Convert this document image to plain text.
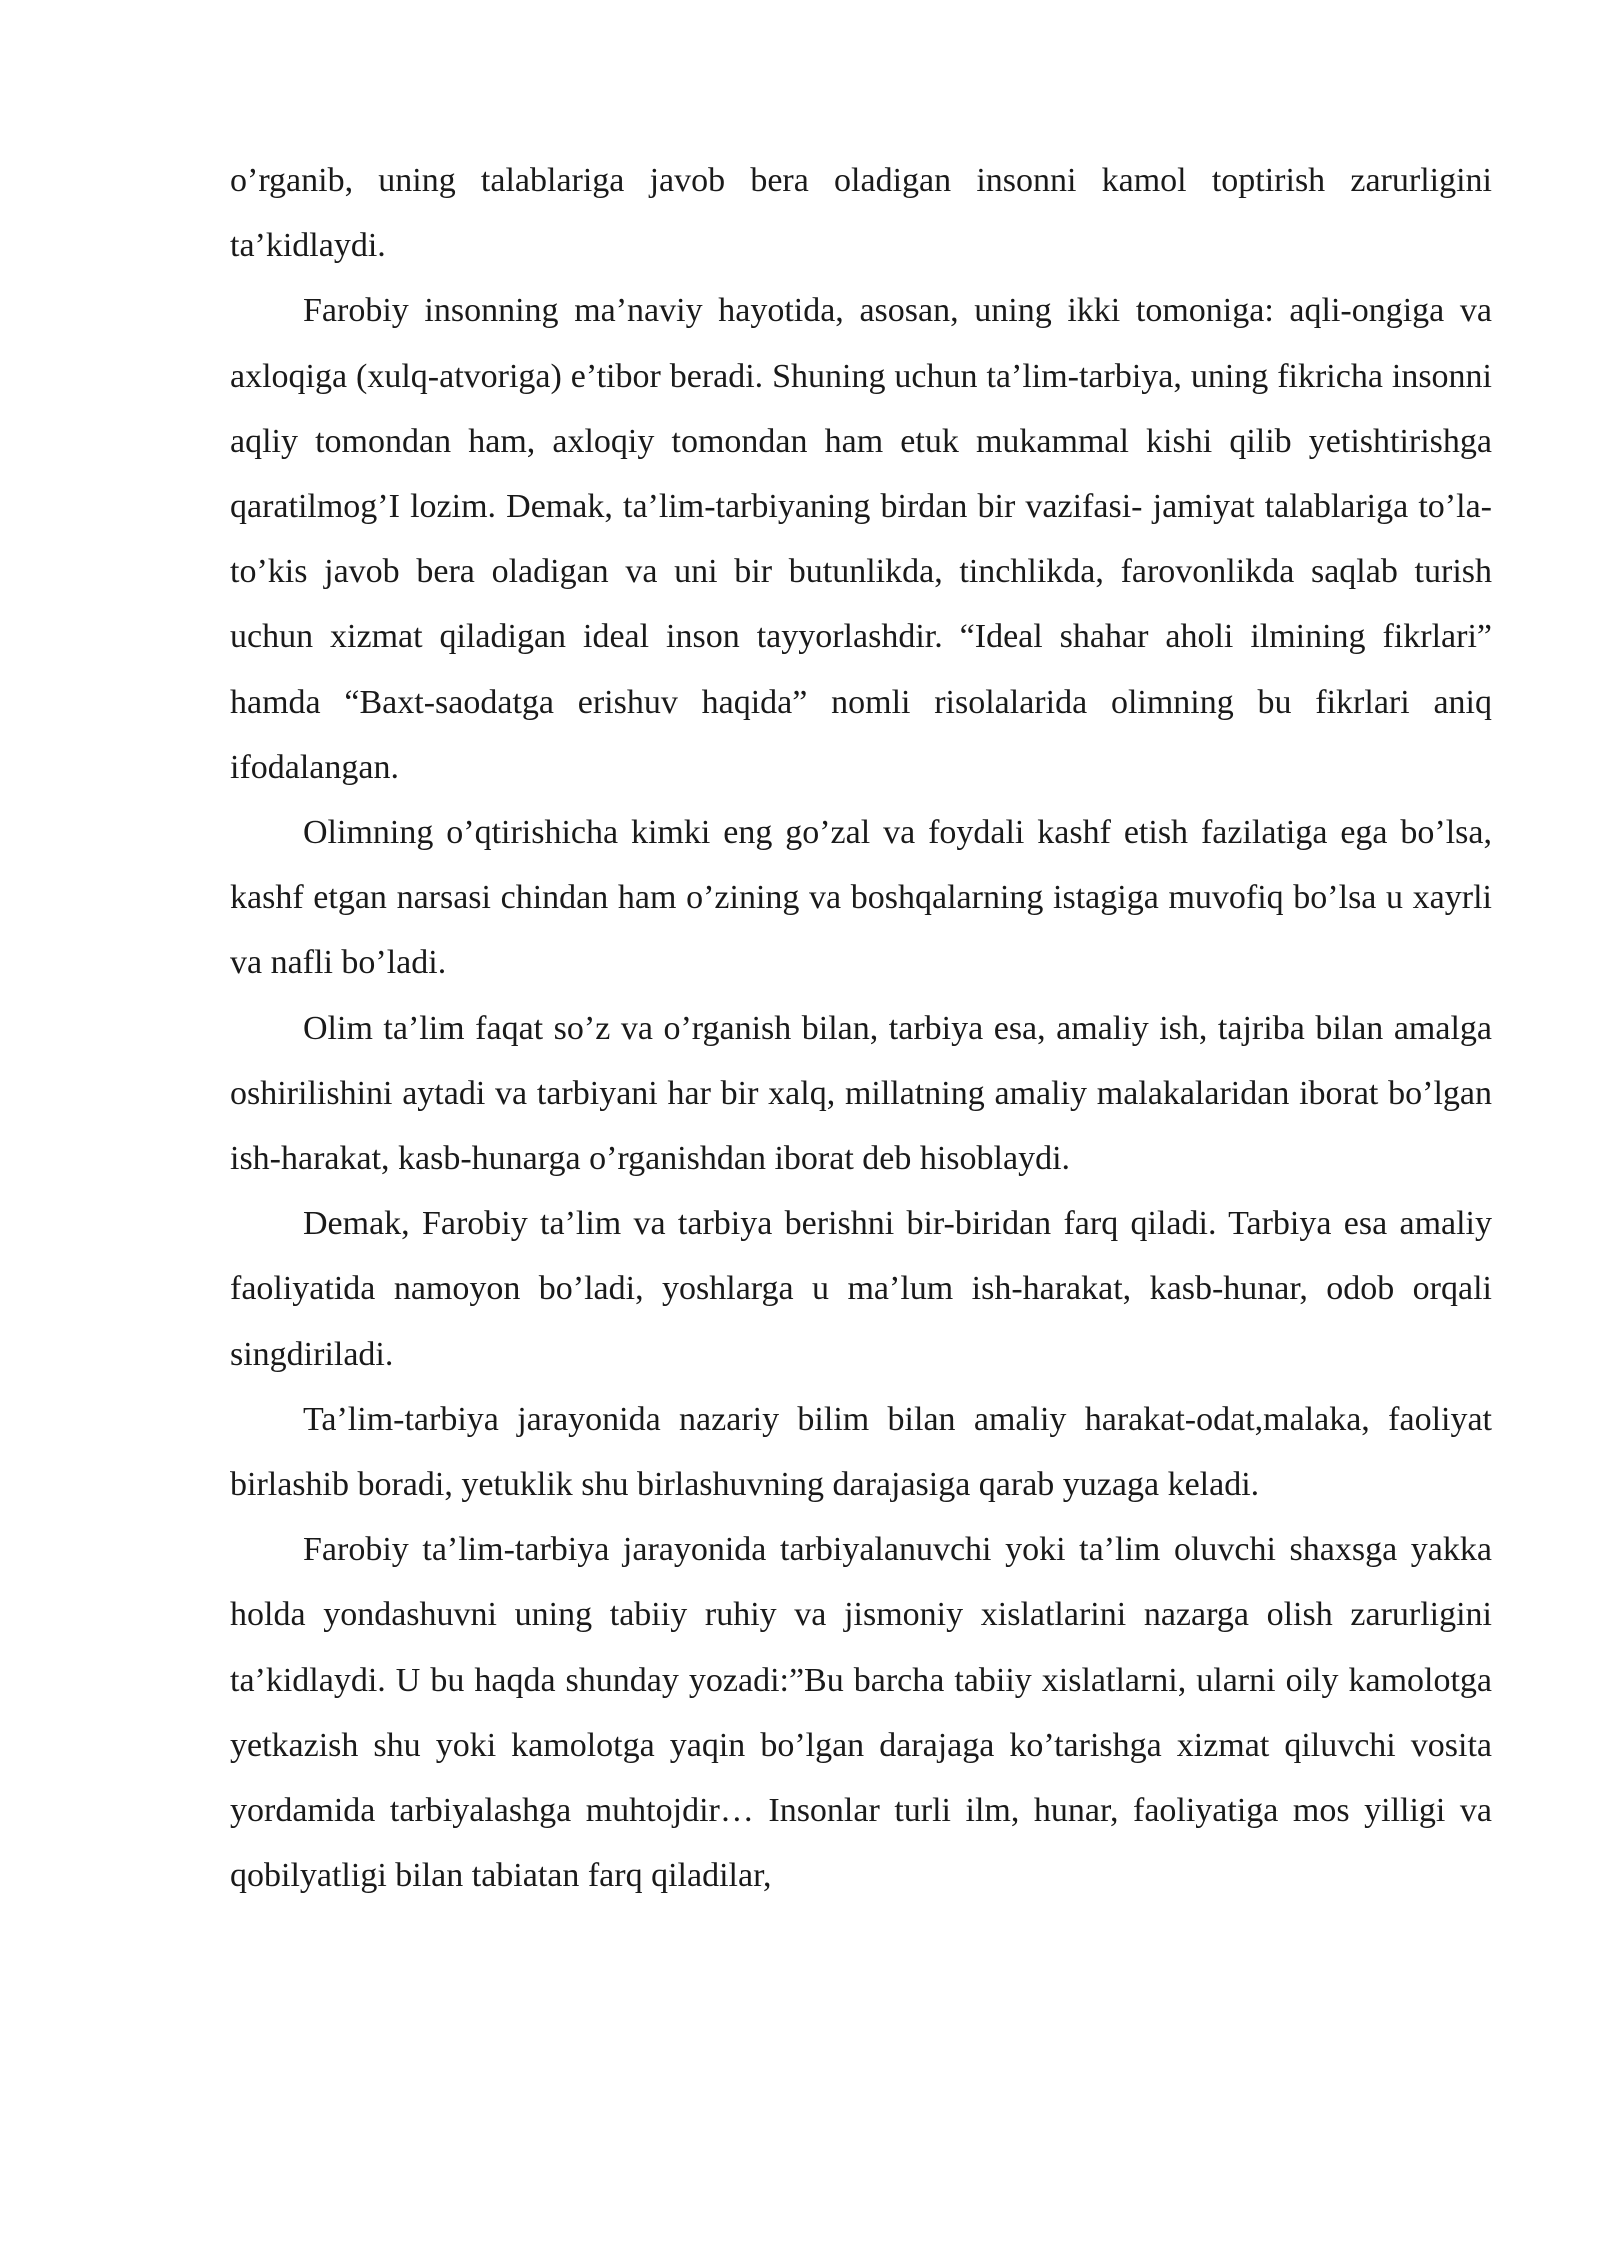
o’rganib, uning talablariga javob bera oladigan insonni kamol toptirish zarurligini ta’kidlaydi.

Farobiy insonning ma’naviy hayotida, asosan, uning ikki tomoniga: aqli-ongiga va axloqiga (xulq-atvoriga) e’tibor beradi. Shuning uchun ta’lim-tarbiya, uning fikricha insonni aqliy tomondan ham, axloqiy tomondan ham etuk mukammal kishi qilib yetishtirishga qaratilmog’I lozim. Demak, ta’lim-tarbiyaning birdan bir vazifasi- jamiyat talablariga to’la-to’kis javob bera oladigan va uni bir butunlikda, tinchlikda, farovonlikda saqlab turish uchun xizmat qiladigan ideal inson tayyorlashdir. “Ideal shahar aholi ilmining fikrlari” hamda “Baxt-saodatga erishuv haqida” nomli risolalarida olimning bu fikrlari aniq ifodalangan.

Olimning o’qtirishicha kimki eng go’zal va foydali kashf etish fazilatiga ega bo’lsa, kashf etgan narsasi chindan ham o’zining va boshqalarning istagiga muvofiq bo’lsa u xayrli va nafli bo’ladi.

Olim ta’lim faqat so’z va o’rganish bilan, tarbiya esa, amaliy ish, tajriba bilan amalga oshirilishini aytadi va tarbiyani har bir xalq, millatning amaliy malakalaridan iborat bo’lgan ish-harakat, kasb-hunarga o’rganishdan iborat deb hisoblaydi.

Demak, Farobiy ta’lim va tarbiya berishni bir-biridan farq qiladi. Tarbiya esa amaliy faoliyatida namoyon bo’ladi, yoshlarga u ma’lum ish-harakat, kasb-hunar, odob orqali singdiriladi.

Ta’lim-tarbiya jarayonida nazariy bilim bilan amaliy harakat-odat,malaka, faoliyat birlashib boradi, yetuklik shu birlashuvning darajasiga qarab yuzaga keladi.

Farobiy ta’lim-tarbiya jarayonida tarbiyalanuvchi yoki ta’lim oluvchi shaxsga yakka holda yondashuvni uning tabiiy ruhiy va jismoniy xislatlarini nazarga olish zarurligini ta’kidlaydi. U bu haqda shunday yozadi:”Bu barcha tabiiy xislatlarni, ularni oily kamolotga yetkazish shu yoki kamolotga yaqin bo’lgan darajaga ko’tarishga xizmat qiluvchi vosita yordamida tarbiyalashga muhtojdir… Insonlar turli ilm, hunar, faoliyatiga mos yilligi va qobilyatligi bilan tabiatan farq qiladilar,
